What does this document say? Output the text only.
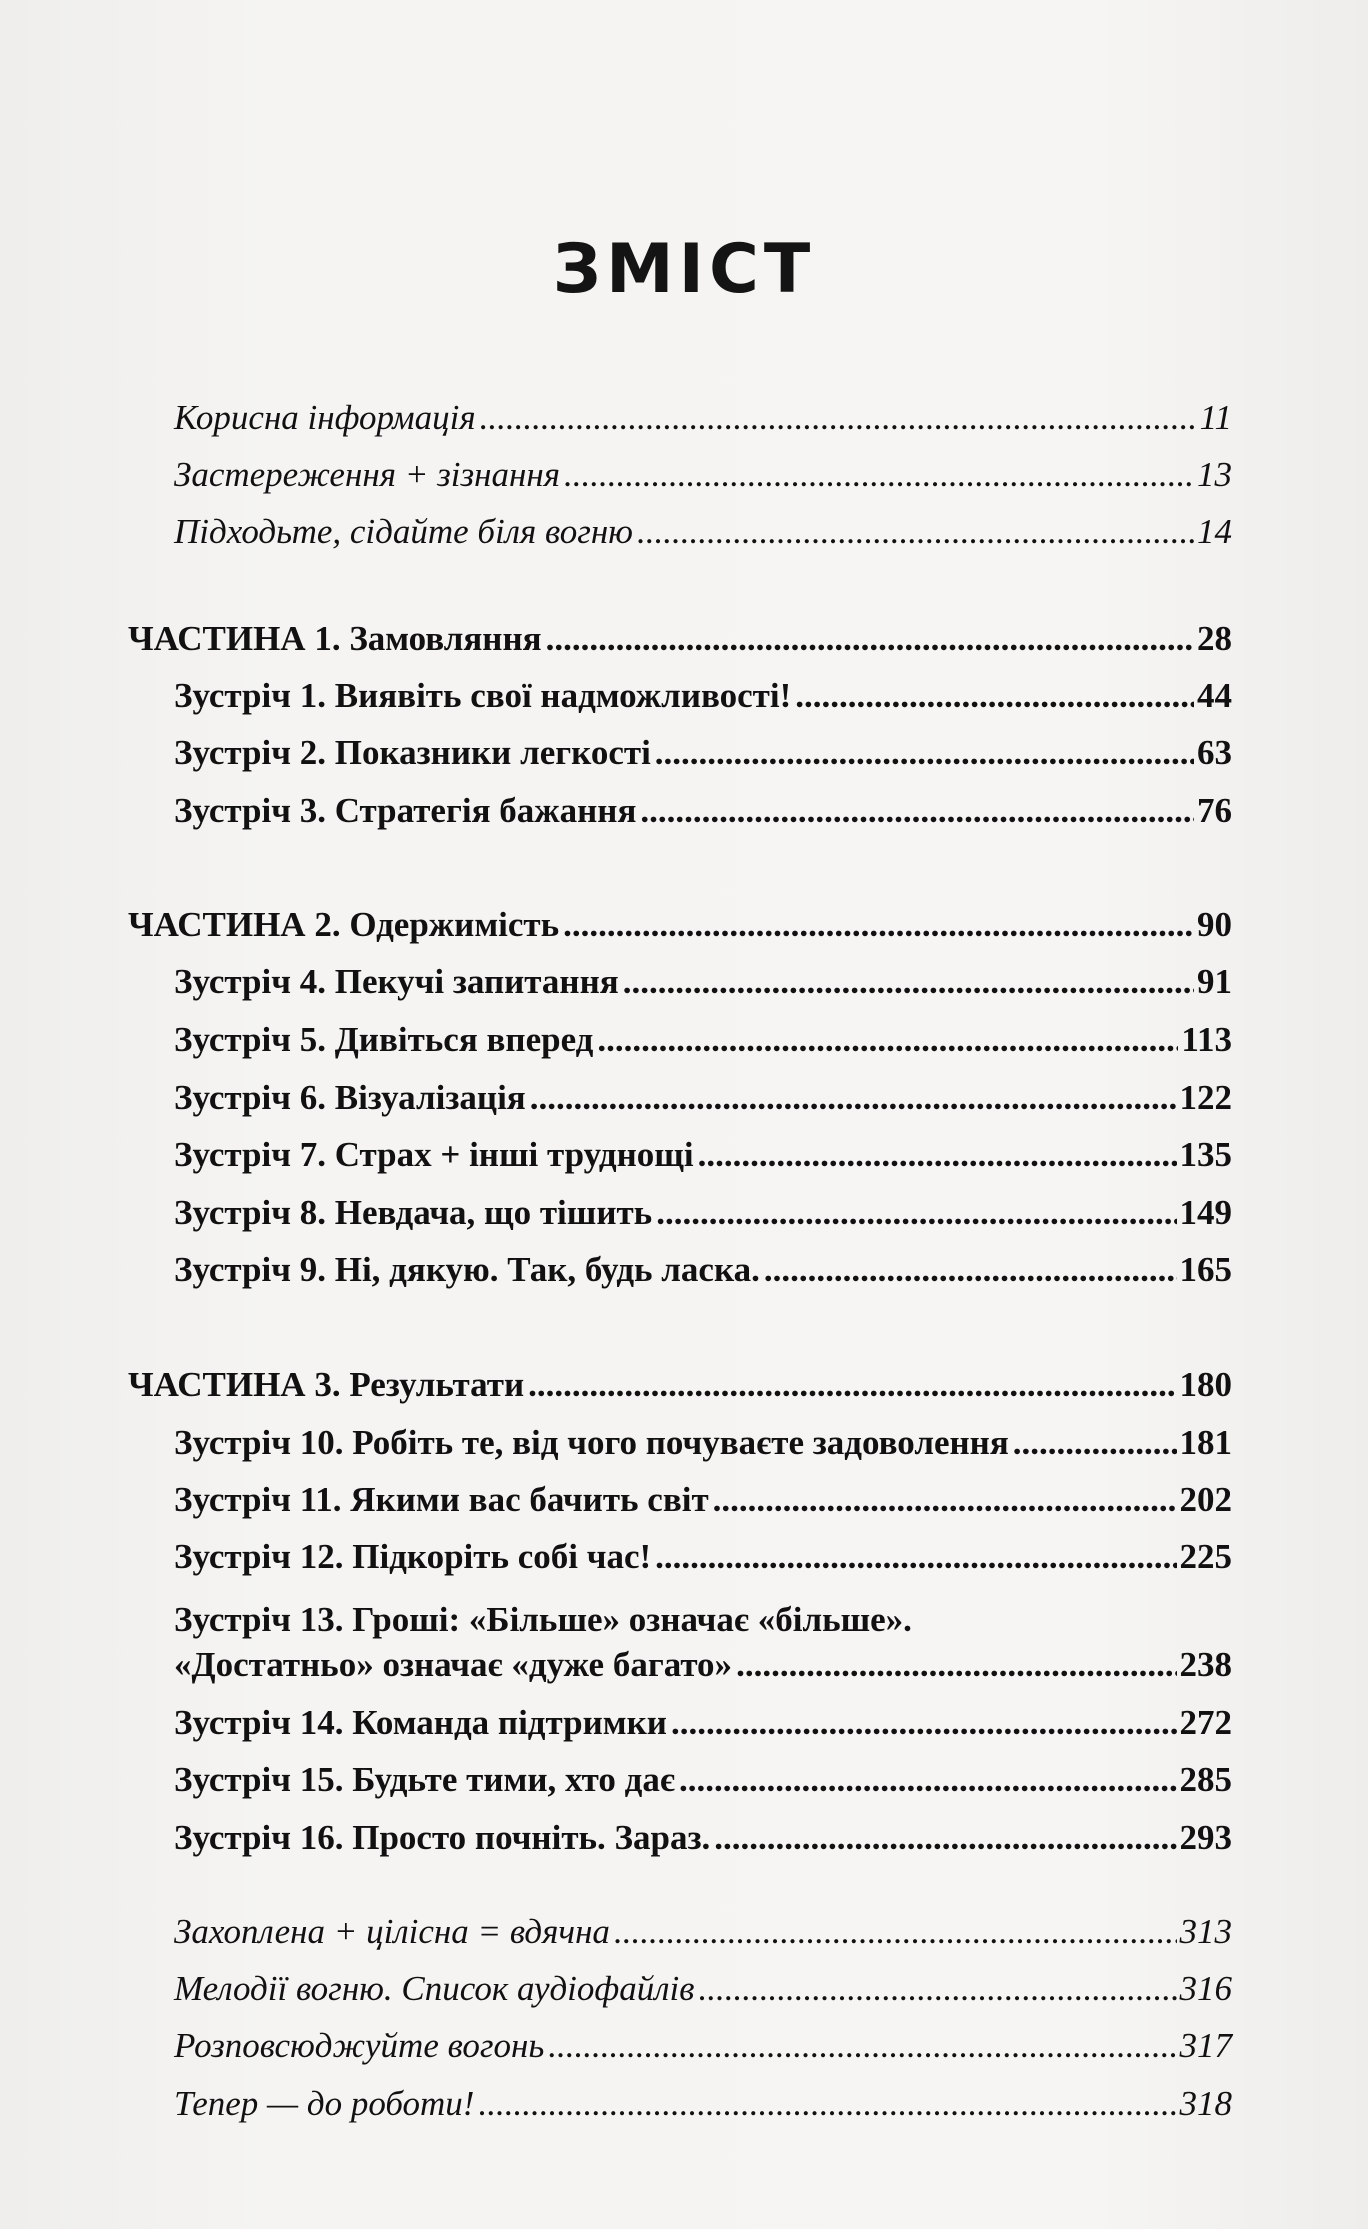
ЗМІСТ
Корисна інформація .....	11
Застереження + зізнання .....	13
Підходьте, сідайте біля вогню .....	14
ЧАСТИНА 1. Замовляння .....	28
Зустріч 1. Виявіть свої надможливості! .....	44
Зустріч 2. Показники легкості .....	63
Зустріч 3. Стратегія бажання .....	76
ЧАСТИНА 2. Одержимість .....	90
Зустріч 4. Пекучі запитання .....	91
Зустріч 5. Дивіться вперед .....	113
Зустріч 6. Візуалізація .....	122
Зустріч 7. Страх + інші труднощі .....	135
Зустріч 8. Невдача, що тішить .....	149
Зустріч 9. Ні, дякую. Так, будь ласка. .....	165
ЧАСТИНА 3. Результати .....	180
Зустріч 10. Робіть те, від чого почуваєте задоволення .....	181
Зустріч 11. Якими вас бачить світ .....	202
Зустріч 12. Підкоріть собі час! .....	225
Зустріч 13. Гроші: «Більше» означає «більше».
«Достатньо» означає «дуже багато» .....	238
Зустріч 14. Команда підтримки .....	272
Зустріч 15. Будьте тими, хто дає .....	285
Зустріч 16. Просто почніть. Зараз. .....	293
Захоплена + цілісна = вдячна .....	313
Мелодії вогню. Список аудіофайлів .....	316
Розповсюджуйте вогонь .....	317
Тепер — до роботи! .....	318
